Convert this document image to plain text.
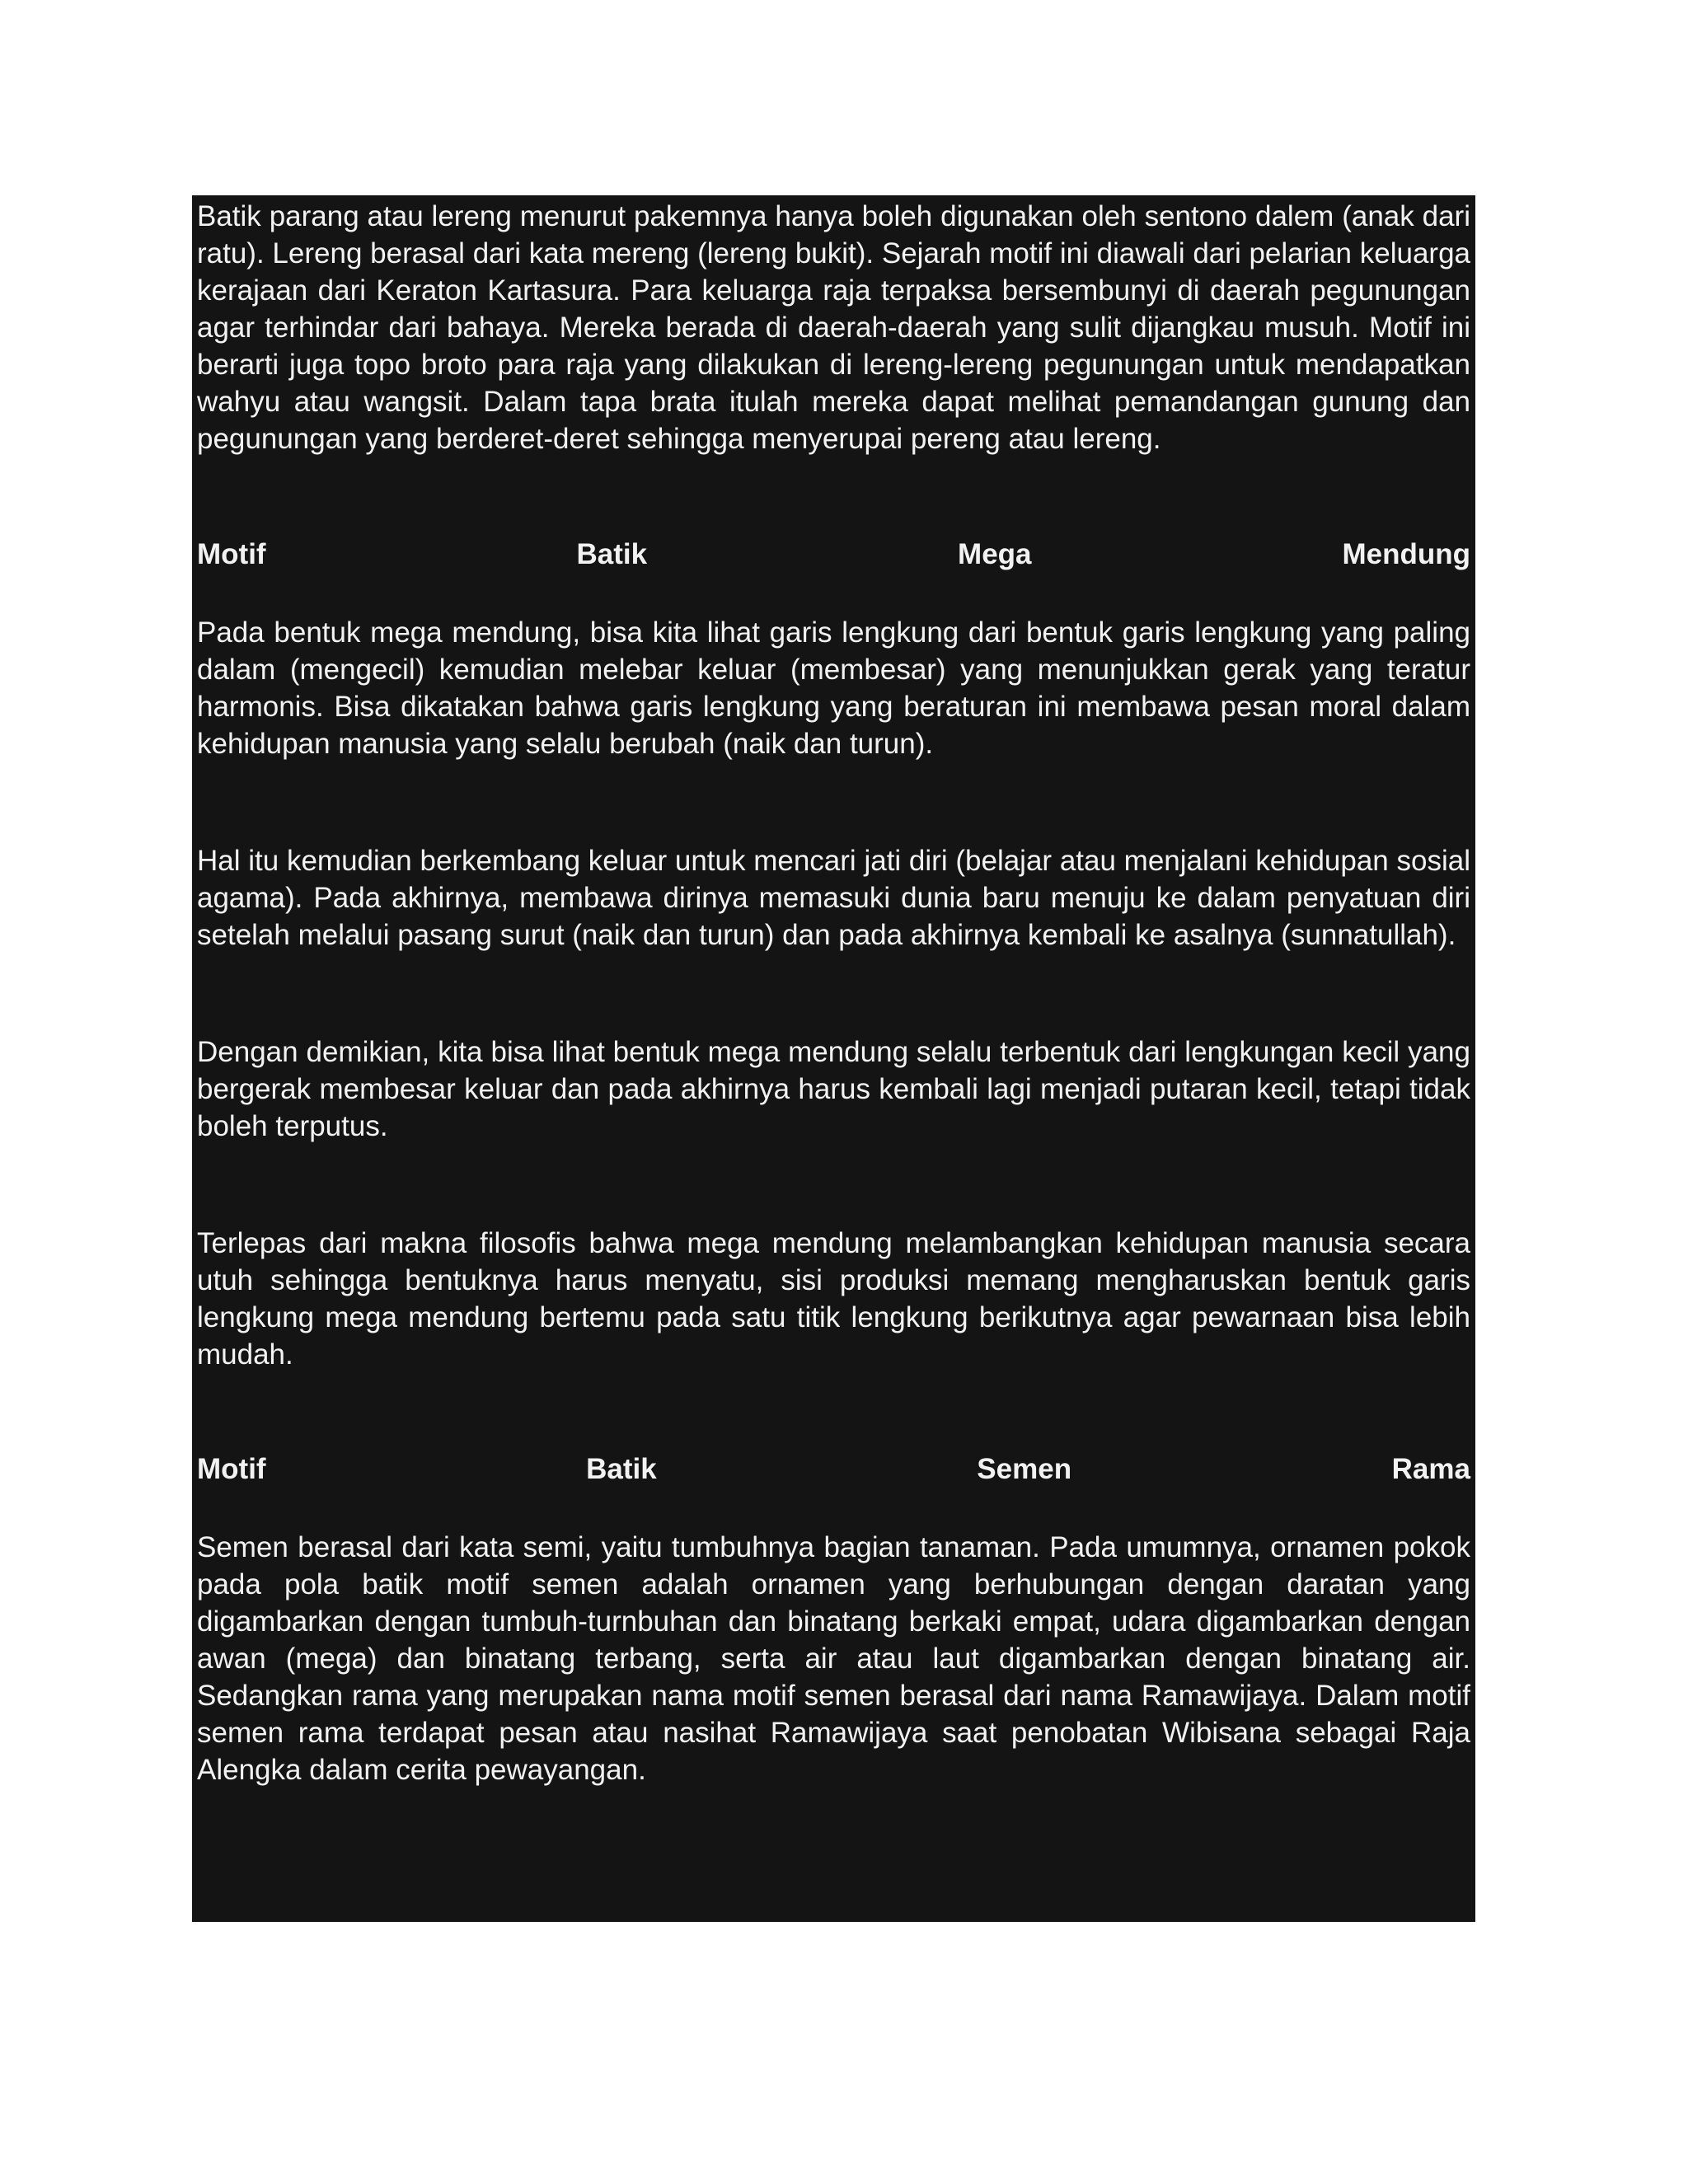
Batik parang atau lereng menurut pakemnya hanya boleh digunakan oleh sentono dalem (anak dari ratu). Lereng berasal dari kata mereng (lereng bukit). Sejarah motif ini diawali dari pelarian keluarga kerajaan dari Keraton Kartasura. Para keluarga raja terpaksa bersembunyi di daerah pegunungan agar terhindar dari bahaya. Mereka berada di daerah-daerah yang sulit dijangkau musuh. Motif ini berarti juga topo broto para raja yang dilakukan di lereng-lereng pegunungan untuk mendapatkan wahyu atau wangsit. Dalam tapa brata itulah mereka dapat melihat pemandangan gunung dan pegunungan yang berderet-deret sehingga menyerupai pereng atau lereng.

Motif	Batik	Mega	Mendung

Pada bentuk mega mendung, bisa kita lihat garis lengkung dari bentuk garis lengkung yang paling dalam (mengecil) kemudian melebar keluar (membesar) yang menunjukkan gerak yang teratur harmonis. Bisa dikatakan bahwa garis lengkung yang beraturan ini membawa pesan moral dalam kehidupan manusia yang selalu berubah (naik dan turun).

Hal itu kemudian berkembang keluar untuk mencari jati diri (belajar atau menjalani kehidupan sosial agama). Pada akhirnya, membawa dirinya memasuki dunia baru menuju ke dalam penyatuan diri setelah melalui pasang surut (naik dan turun) dan pada akhirnya kembali ke asalnya (sunnatullah).

Dengan demikian, kita bisa lihat bentuk mega mendung selalu terbentuk dari lengkungan kecil yang bergerak membesar keluar dan pada akhirnya harus kembali lagi menjadi putaran kecil, tetapi tidak boleh terputus.

Terlepas dari makna filosofis bahwa mega mendung melambangkan kehidupan manusia secara utuh sehingga bentuknya harus menyatu, sisi produksi memang mengharuskan bentuk garis lengkung mega mendung bertemu pada satu titik lengkung berikutnya agar pewarnaan bisa lebih mudah.

Motif	Batik	Semen	Rama

Semen berasal dari kata semi, yaitu tumbuhnya bagian tanaman. Pada umumnya, ornamen pokok pada pola batik motif semen adalah ornamen yang berhubungan dengan daratan yang digambarkan dengan tumbuh-turnbuhan dan binatang berkaki empat, udara digambarkan dengan awan (mega) dan binatang terbang, serta air atau laut digambarkan dengan binatang air. Sedangkan rama yang merupakan nama motif semen berasal dari nama Ramawijaya. Dalam motif semen rama terdapat pesan atau nasihat Ramawijaya saat penobatan Wibisana sebagai Raja Alengka dalam cerita pewayangan.
